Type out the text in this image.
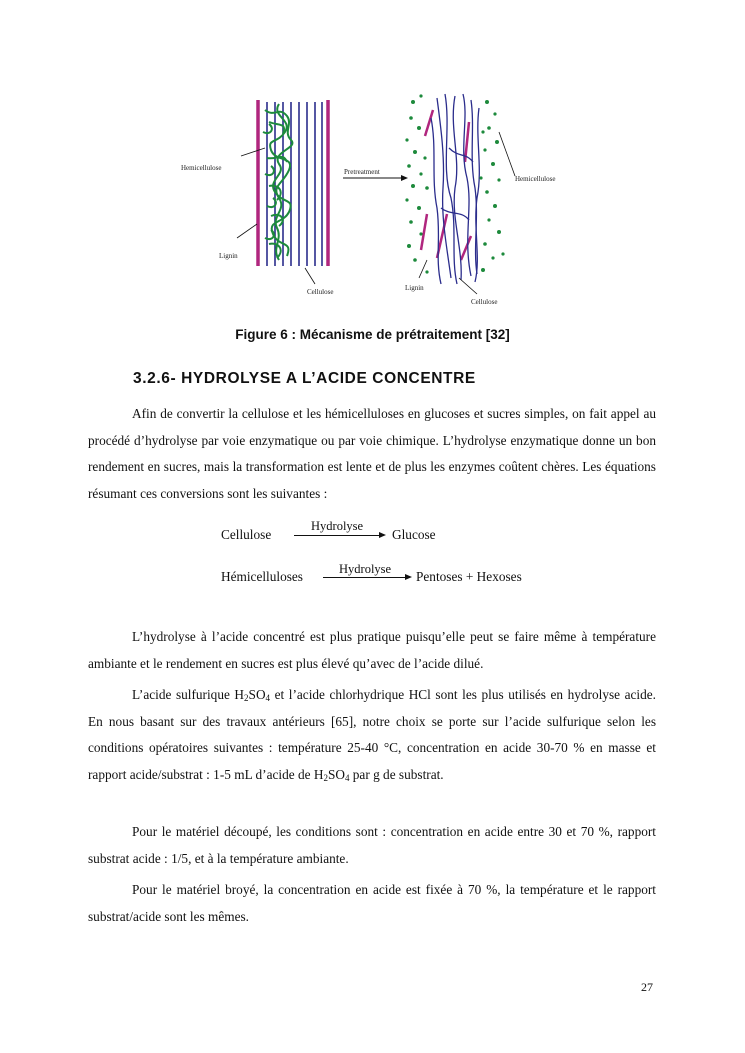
Hemicellulose
Lignin
Cellulose
Pretreatment
Hemicellulose
Lignin
Cellulose
Figure 6 : Mécanisme de prétraitement [32]
3.2.6- HYDROLYSE A L’ACIDE CONCENTRE

Afin de convertir la cellulose et les hémicelluloses en glucoses et sucres simples, on fait appel au procédé d’hydrolyse par voie enzymatique ou par voie chimique. L’hydrolyse enzymatique donne un bon rendement en sucres, mais la transformation est lente et de plus les enzymes coûtent chères. Les équations résumant ces conversions sont les suivantes :

Cellulose
Hydrolyse
Glucose
Hémicelluloses	Hydrolyse Pentoses + Hexoses

L’hydrolyse à l’acide concentré est plus pratique puisqu’elle peut se faire même à température ambiante et le rendement en sucres est plus élevé qu’avec de l’acide dilué.

L’acide sulfurique $H_2SO_4$ et l’acide chlorhydrique HCl sont les plus utilisés en hydrolyse acide. En nous basant sur des travaux antérieurs [65], notre choix se porte sur l’acide sulfurique selon les conditions opératoires suivantes : température 25-40 °C, concentration en acide 30-70 % en masse et rapport acide/substrat : 1-5 mL d’acide de $H_2SO_4$ par g de substrat.

Pour le matériel découpé, les conditions sont : concentration en acide entre 30 et 70 %, rapport substrat acide : 1/5, et à la température ambiante.

Pour le matériel broyé, la concentration en acide est fixée à 70 %, la température et le rapport substrat/acide sont les mêmes.

27
